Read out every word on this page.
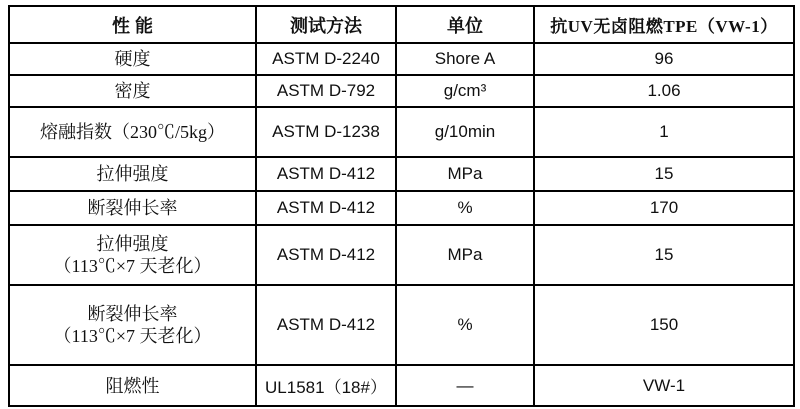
性 能	测试方法	单位	抗UV无卤阻燃TPE（VW-1）

硬度	ASTM D-2240	Shore A	96

密度	ASTM D-792	g/cm³	1.06

熔融指数（230℃/5kg）	ASTM D-1238	g/10min	1

拉伸强度	ASTM D-412	MPa	15

断裂伸长率	ASTM D-412	%	170

拉伸强度
（113℃×7 天老化）	ASTM D-412	MPa	15

断裂伸长率
（113℃×7 天老化）	ASTM D-412	%	150

阻燃性	UL1581（18#）	—	VW-1
